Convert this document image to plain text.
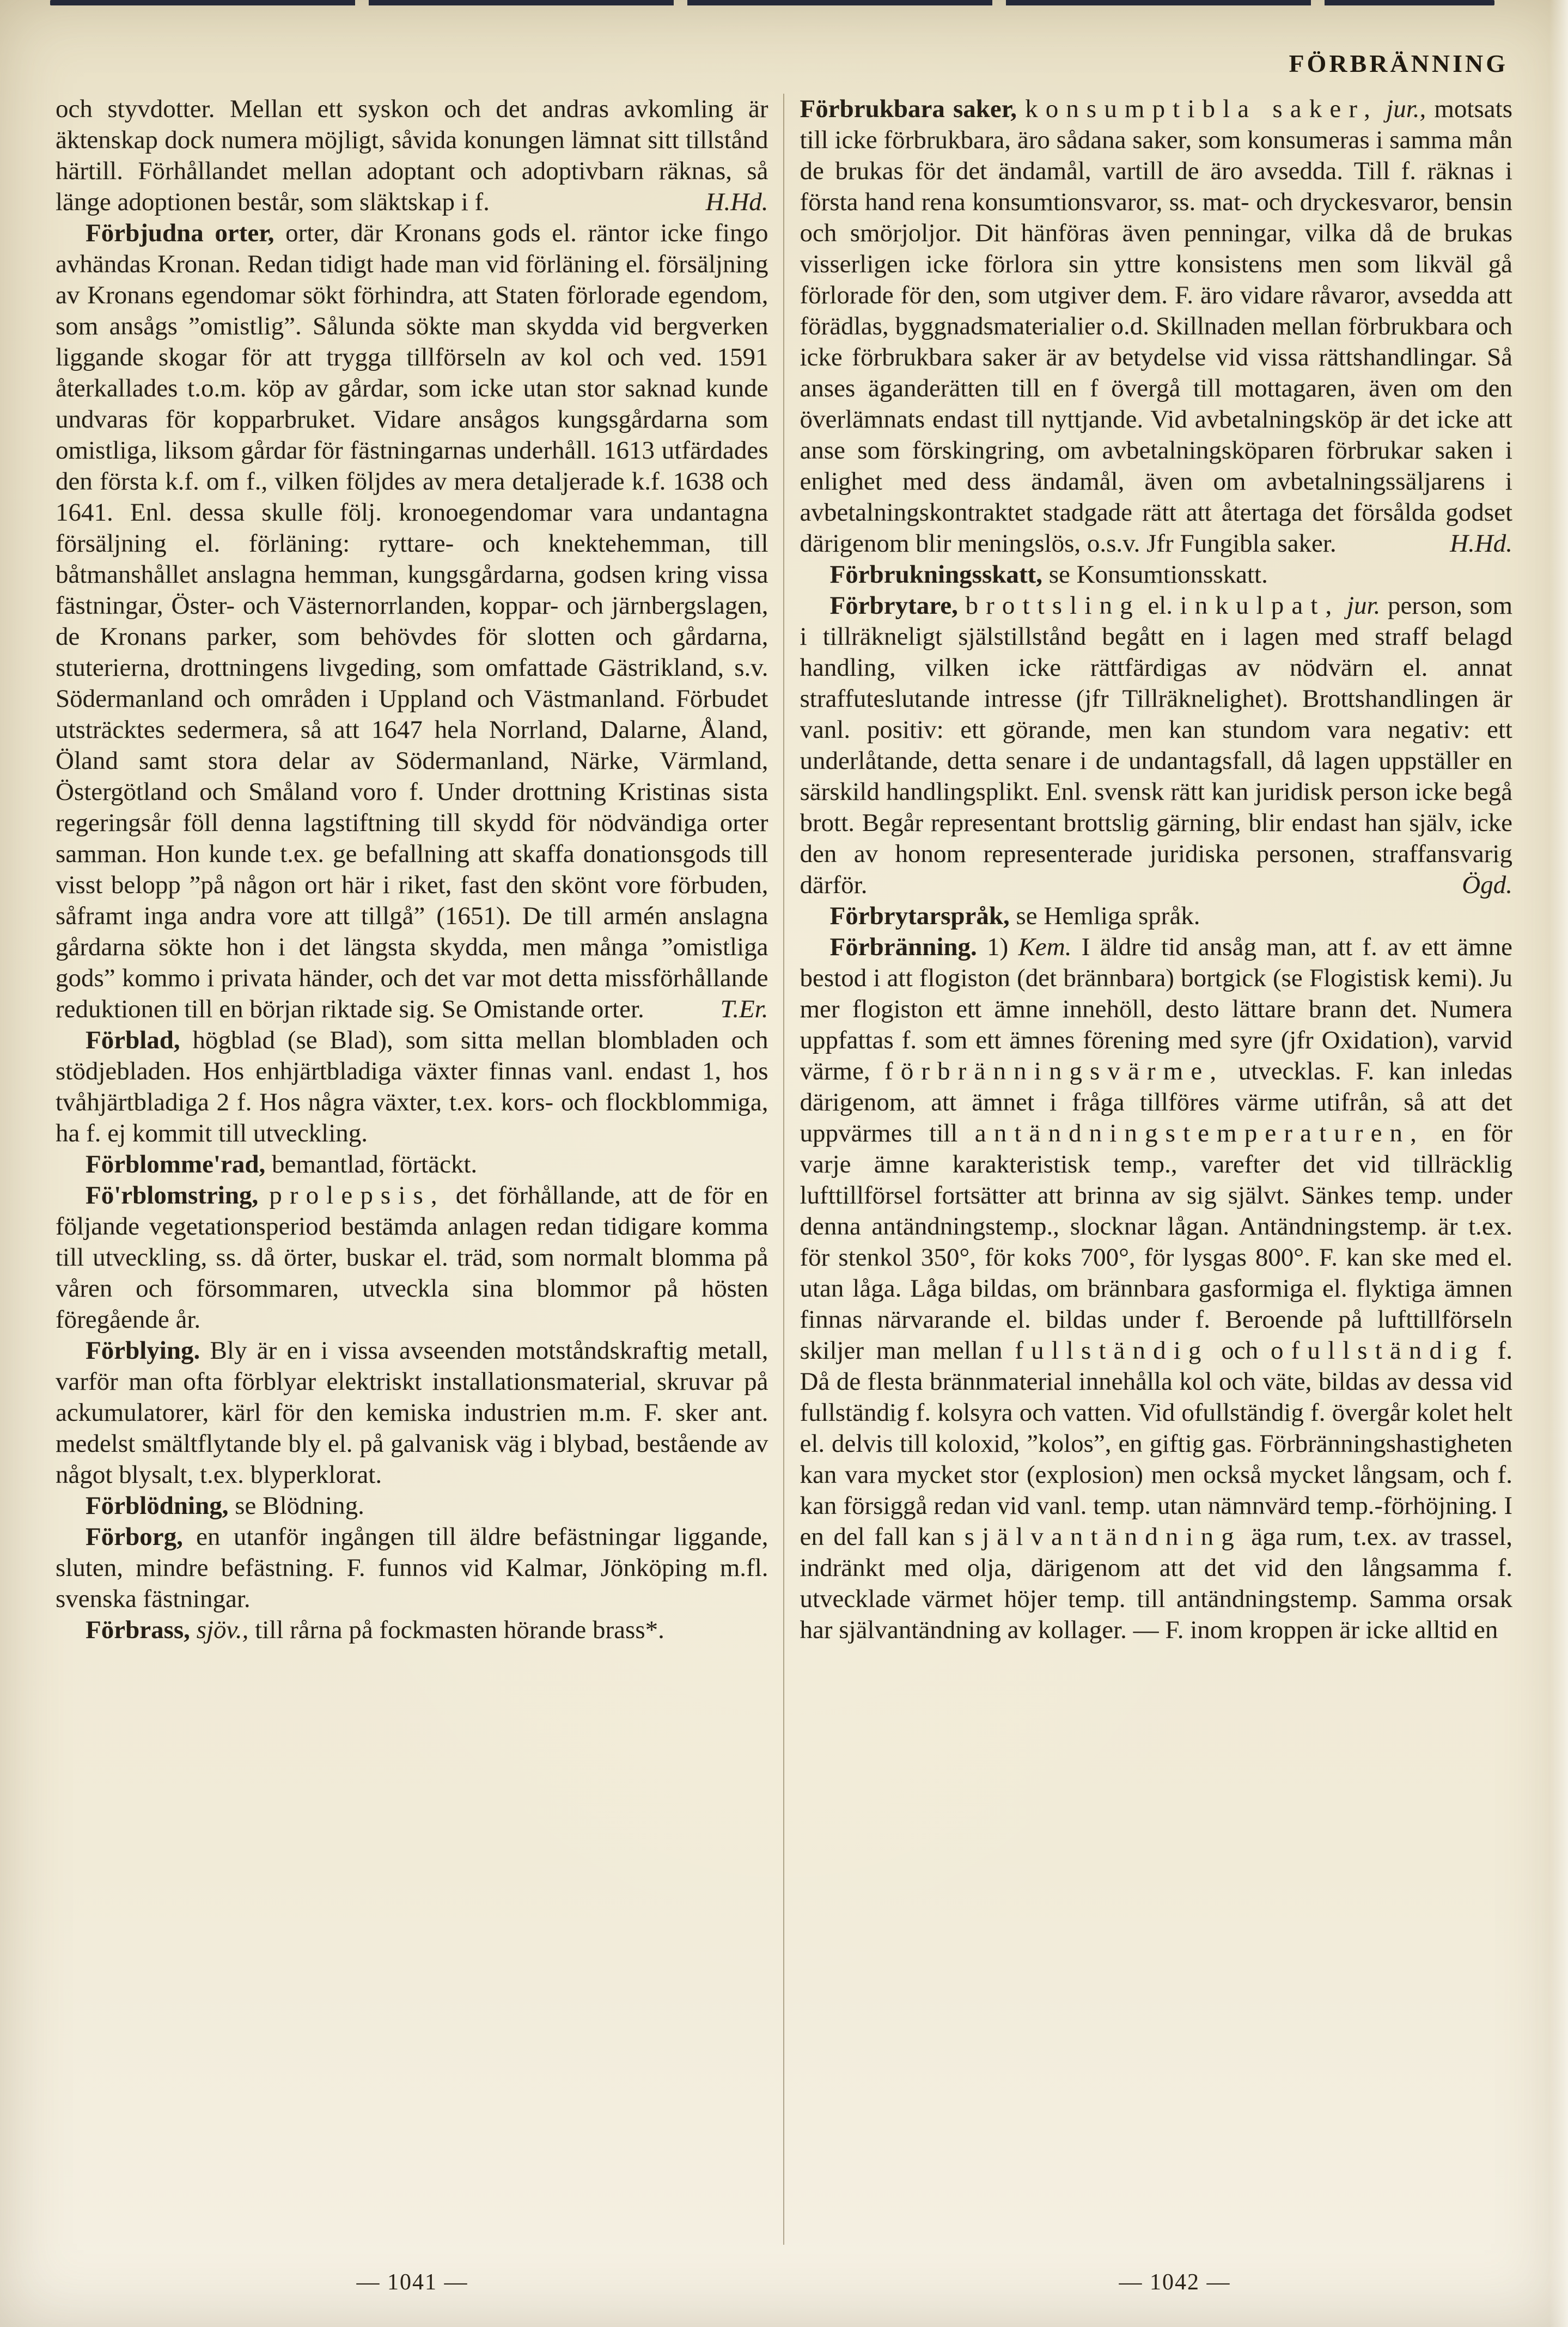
FÖRBRÄNNING

och styvdotter. Mellan ett syskon och det andras avkomling är äktenskap dock numera möjligt, såvida konungen lämnat sitt tillstånd härtill. Förhållandet mellan adoptant och adoptivbarn räknas, så länge adoptionen består, som släktskap i f.	H.Hd.

Förbjudna orter, orter, där Kronans gods el. räntor icke fingo avhändas Kronan. Redan tidigt hade man vid förläning el. försäljning av Kronans egendomar sökt förhindra, att Staten förlorade egendom, som ansågs ”omistlig”. Sålunda sökte man skydda vid bergverken liggande skogar för att trygga tillförseln av kol och ved. 1591 återkallades t.o.m. köp av gårdar, som icke utan stor saknad kunde undvaras för kopparbruket. Vidare ansågos kungsgårdarna som omistliga, liksom gårdar för fästningarnas underhåll. 1613 utfärdades den första k.f. om f., vilken följdes av mera detaljerade k.f. 1638 och 1641. Enl. dessa skulle följ. kronoegendomar vara undantagna försäljning el. förläning: ryttare- och knektehemman, till båtmanshållet anslagna hemman, kungsgårdarna, godsen kring vissa fästningar, Öster- och Västernorrlanden, koppar- och järnbergslagen, de Kronans parker, som behövdes för slotten och gårdarna, stuterierna, drottningens livgeding, som omfattade Gästrikland, s.v. Södermanland och områden i Uppland och Västmanland. Förbudet utsträcktes sedermera, så att 1647 hela Norrland, Dalarne, Åland, Öland samt stora delar av Södermanland, Närke, Värmland, Östergötland och Småland voro f. Under drottning Kristinas sista regeringsår föll denna lagstiftning till skydd för nödvändiga orter samman. Hon kunde t.ex. ge befallning att skaffa donationsgods till visst belopp ”på någon ort här i riket, fast den skönt vore förbuden, såframt inga andra vore att tillgå” (1651). De till armén anslagna gårdarna sökte hon i det längsta skydda, men många ”omistliga gods” kommo i privata händer, och det var mot detta missförhållande reduktionen till en början riktade sig. Se Omistande orter.	T.Er.

Förblad, högblad (se Blad), som sitta mellan blombladen och stödjebladen. Hos enhjärtbladiga växter finnas vanl. endast 1, hos tvåhjärtbladiga 2 f. Hos några växter, t.ex. kors- och flockblommiga, ha f. ej kommit till utveckling.

Förblomme'rad, bemantlad, förtäckt.

Fö'rblomstring, prolepsis, det förhållande, att de för en följande vegetationsperiod bestämda anlagen redan tidigare komma till utveckling, ss. då örter, buskar el. träd, som normalt blomma på våren och försommaren, utveckla sina blommor på hösten föregående år.

Förblying. Bly är en i vissa avseenden motståndskraftig metall, varför man ofta förblyar elektriskt installationsmaterial, skruvar på ackumulatorer, kärl för den kemiska industrien m.m. F. sker ant. medelst smältflytande bly el. på galvanisk väg i blybad, bestående av något blysalt, t.ex. blyperklorat.

Förblödning, se Blödning.

Förborg, en utanför ingången till äldre befästningar liggande, sluten, mindre befästning. F. funnos vid Kalmar, Jönköping m.fl. svenska fästningar.

Förbrass, sjöv., till rårna på fockmasten hörande brass*.

Förbrukbara saker, konsumptibla saker, jur., motsats till icke förbrukbara, äro sådana saker, som konsumeras i samma mån de brukas för det ändamål, vartill de äro avsedda. Till f. räknas i första hand rena konsumtionsvaror, ss. mat- och dryckesvaror, bensin och smörjoljor. Dit hänföras även penningar, vilka då de brukas visserligen icke förlora sin yttre konsistens men som likväl gå förlorade för den, som utgiver dem. F. äro vidare råvaror, avsedda att förädlas, byggnadsmaterialier o.d. Skillnaden mellan förbrukbara och icke förbrukbara saker är av betydelse vid vissa rättshandlingar. Så anses äganderätten till en f övergå till mottagaren, även om den överlämnats endast till nyttjande. Vid avbetalningsköp är det icke att anse som förskingring, om avbetalningsköparen förbrukar saken i enlighet med dess ändamål, även om avbetalningssäljarens i avbetalningskontraktet stadgade rätt att återtaga det försålda godset därigenom blir meningslös, o.s.v. Jfr Fungibla saker.	H.Hd.

Förbrukningsskatt, se Konsumtionsskatt.

Förbrytare, brottsling el. inkulpat, jur. person, som i tillräkneligt själstillstånd begått en i lagen med straff belagd handling, vilken icke rättfärdigas av nödvärn el. annat straffuteslutande intresse (jfr Tillräknelighet). Brottshandlingen är vanl. positiv: ett görande, men kan stundom vara negativ: ett underlåtande, detta senare i de undantagsfall, då lagen uppställer en särskild handlingsplikt. Enl. svensk rätt kan juridisk person icke begå brott. Begår representant brottslig gärning, blir endast han själv, icke den av honom representerade juridiska personen, straffansvarig därför.	Ögd.

Förbrytarspråk, se Hemliga språk.

Förbränning. 1) Kem. I äldre tid ansåg man, att f. av ett ämne bestod i att flogiston (det brännbara) bortgick (se Flogistisk kemi). Ju mer flogiston ett ämne innehöll, desto lättare brann det. Numera uppfattas f. som ett ämnes förening med syre (jfr Oxidation), varvid värme, förbränningsvärme, utvecklas. F. kan inledas därigenom, att ämnet i fråga tillföres värme utifrån, så att det uppvärmes till antändningstemperaturen, en för varje ämne karakteristisk temp., varefter det vid tillräcklig lufttillförsel fortsätter att brinna av sig självt. Sänkes temp. under denna antändningstemp., slocknar lågan. Antändningstemp. är t.ex. för stenkol 350°, för koks 700°, för lysgas 800°. F. kan ske med el. utan låga. Låga bildas, om brännbara gasformiga el. flyktiga ämnen finnas närvarande el. bildas under f. Beroende på lufttillförseln skiljer man mellan fullständig och ofullständig f. Då de flesta brännmaterial innehålla kol och väte, bildas av dessa vid fullständig f. kolsyra och vatten. Vid ofullständig f. övergår kolet helt el. delvis till koloxid, ”kolos”, en giftig gas. Förbränningshastigheten kan vara mycket stor (explosion) men också mycket långsam, och f. kan försiggå redan vid vanl. temp. utan nämnvärd temp.-förhöjning. I en del fall kan självantändning äga rum, t.ex. av trassel, indränkt med olja, därigenom att det vid den långsamma f. utvecklade värmet höjer temp. till antändningstemp. Samma orsak har självantändning av kollager. — F. inom kroppen är icke alltid en

— 1041 —	— 1042 —
